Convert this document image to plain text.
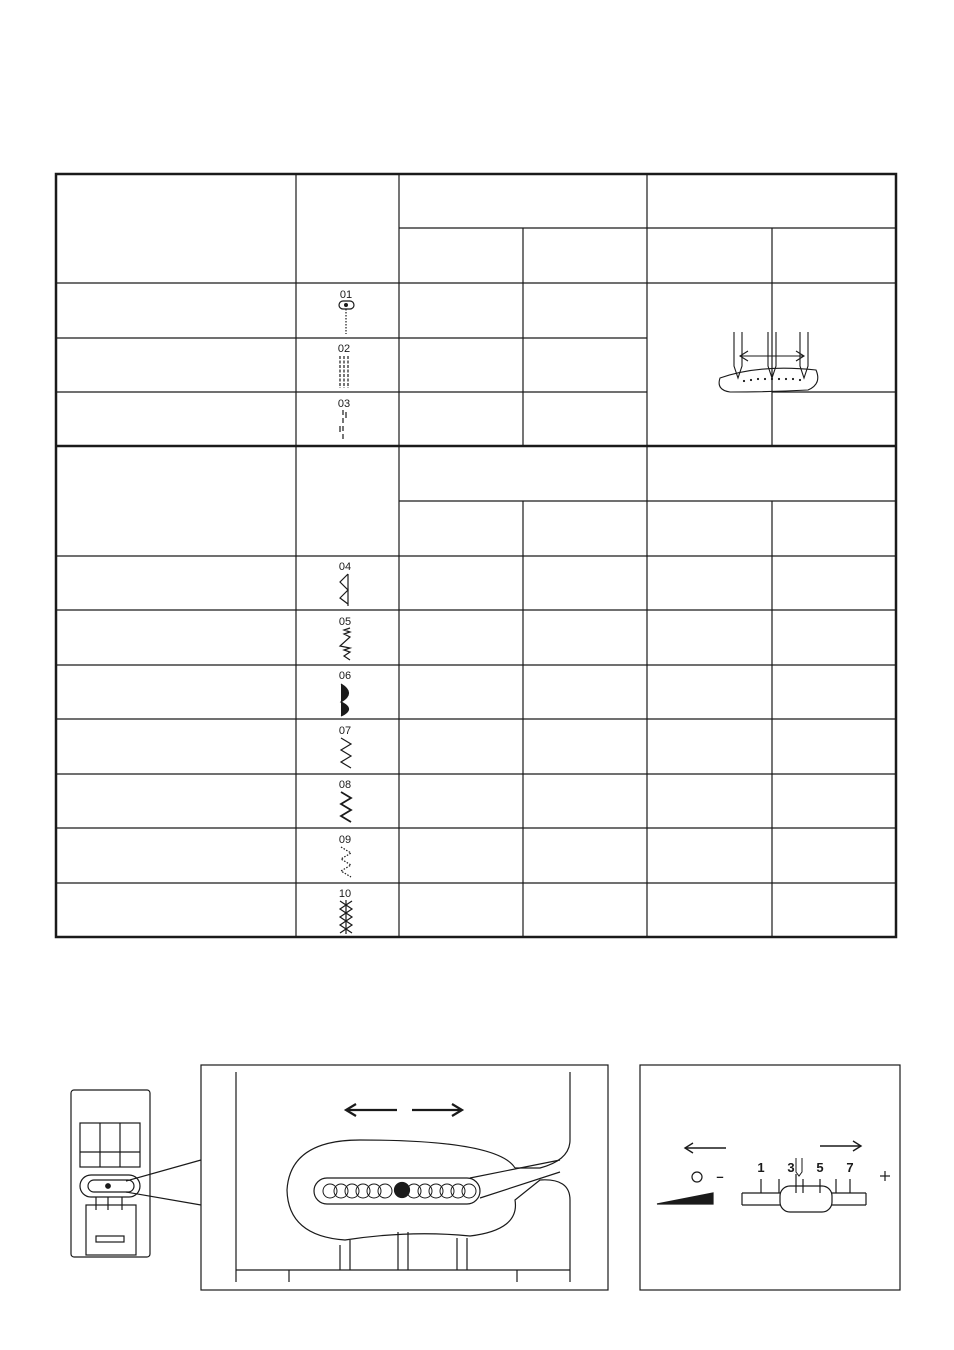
01
02
03
04
05
06
07
08
09
10
–
1 3 5 7
